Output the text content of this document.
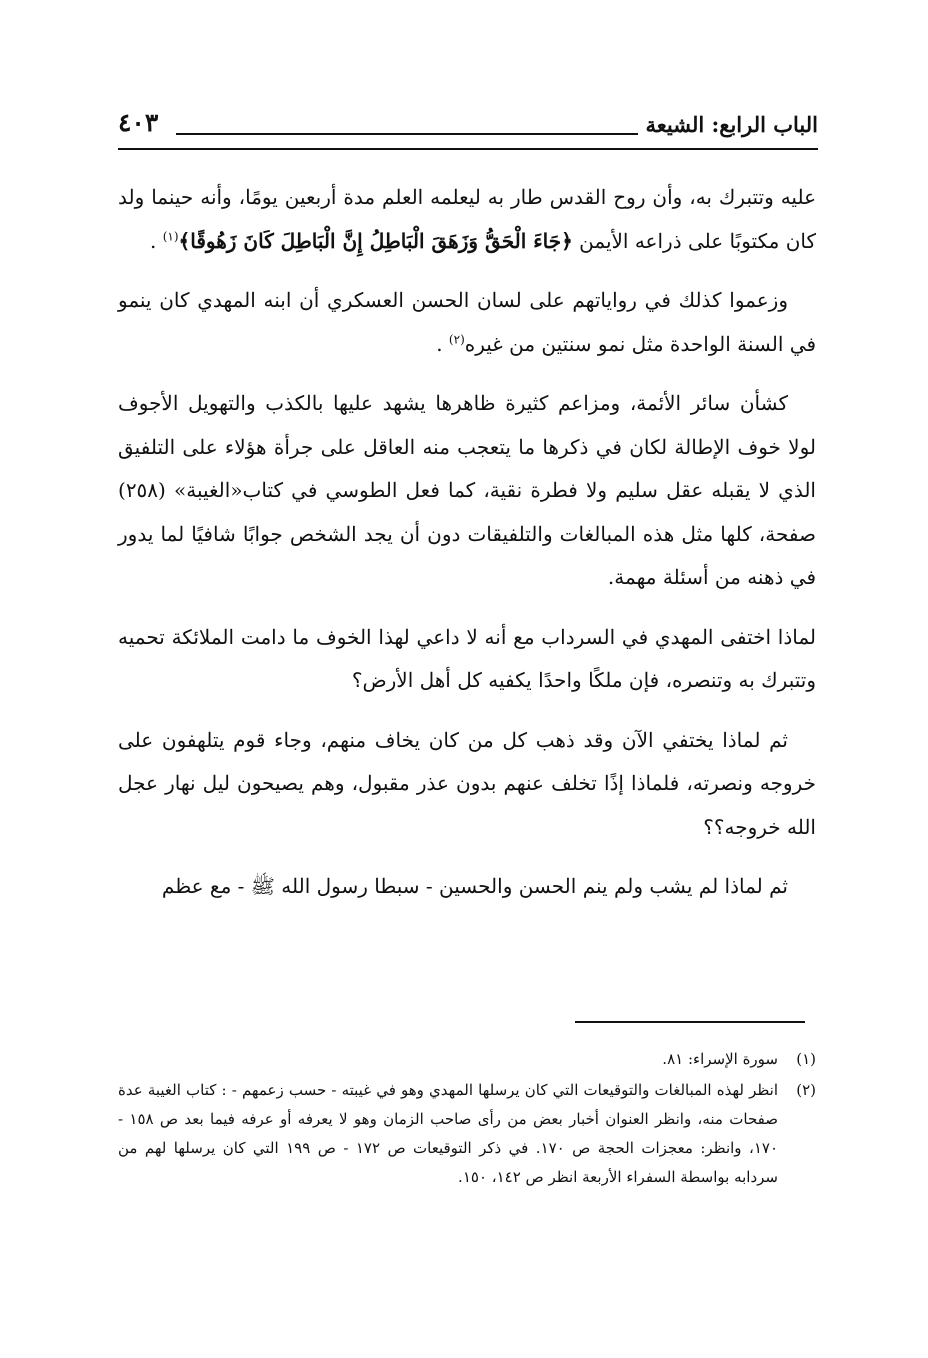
الباب الرابع: الشيعة
٤٠٣

عليه وتتبرك به، وأن روح القدس طار به ليعلمه العلم مدة أربعين يومًا، وأنه حينما ولد كان مكتوبًا على ذراعه الأيمن ﴿جَاءَ الْحَقُّ وَزَهَقَ الْبَاطِلُ إِنَّ الْبَاطِلَ كَانَ زَهُوقًا﴾$^{(١)}$ .

وزعموا كذلك في رواياتهم على لسان الحسن العسكري أن ابنه المهدي كان ينمو في السنة الواحدة مثل نمو سنتين من غيره$^{(٢)}$ .

كشأن سائر الأئمة، ومزاعم كثيرة ظاهرها يشهد عليها بالكذب والتهويل الأجوف لولا خوف الإطالة لكان في ذكرها ما يتعجب منه العاقل على جرأة هؤلاء على التلفيق الذي لا يقبله عقل سليم ولا فطرة نقية، كما فعل الطوسي في كتاب«الغيبة» (٢٥٨) صفحة، كلها مثل هذه المبالغات والتلفيقات دون أن يجد الشخص جوابًا شافيًا لما يدور في ذهنه من أسئلة مهمة.

لماذا اختفى المهدي في السرداب مع أنه لا داعي لهذا الخوف ما دامت الملائكة تحميه وتتبرك به وتنصره، فإن ملكًا واحدًا يكفيه كل أهل الأرض؟

ثم لماذا يختفي الآن وقد ذهب كل من كان يخاف منهم، وجاء قوم يتلهفون على خروجه ونصرته، فلماذا إذًا تخلف عنهم بدون عذر مقبول، وهم يصيحون ليل نهار عجل الله خروجه؟؟

ثم لماذا لم يشب ولم ينم الحسن والحسين - سبطا رسول الله ﷺ - مع عظم

(١)
سورة الإسراء: ٨١.

(٢)
انظر لهذه المبالغات والتوقيعات التي كان يرسلها المهدي وهو في غيبته - حسب زعمهم - : كتاب الغيبة عدة صفحات منه، وانظر العنوان أخبار بعض من رأى صاحب الزمان وهو لا يعرفه أو عرفه فيما بعد ص ١٥٨ - ١٧٠، وانظر: معجزات الحجة ص ١٧٠. في ذكر التوقيعات ص ١٧٢ - ص ١٩٩ التي كان يرسلها لهم من سردابه بواسطة السفراء الأربعة انظر ص ١٤٢، ١٥٠.
